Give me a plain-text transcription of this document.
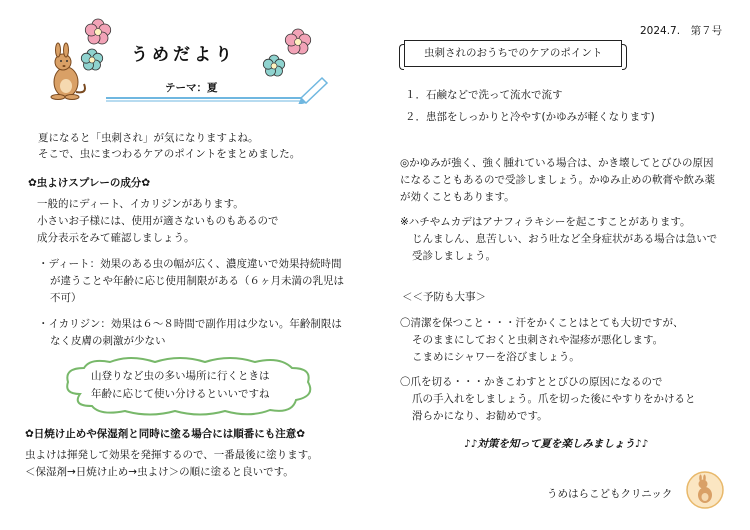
うめだより
テーマ：夏
2024.7.　第７号
夏になると「虫刺され」が気になりますよね。
そこで、虫にまつわるケアのポイントをまとめました。
✿虫よけスプレーの成分✿
一般的にディート、イカリジンがあります。
小さいお子様には、使用が適さないものもあるので
成分表示をみて確認しましょう。
・ディート：効果のある虫の幅が広く、濃度違いで効果持続時間
が違うことや年齢に応じ使用制限がある（６ヶ月未満の乳児は
不可）
・イカリジン：効果は６～８時間で副作用は少ない。年齢制限は
なく皮膚の刺激が少ない
山登りなど虫の多い場所に行くときは
年齢に応じて使い分けるといいですね
✿日焼け止めや保湿剤と同時に塗る場合には順番にも注意✿
虫よけは揮発して効果を発揮するので、一番最後に塗ります。
＜保湿剤→日焼け止め→虫よけ＞の順に塗ると良いです。
虫刺されのおうちでのケアのポイント
１．石鹸などで洗って流水で流す
２．患部をしっかりと冷やす(かゆみが軽くなります)
◎かゆみが強く、強く腫れている場合は、かき壊してとびひの原因
になることもあるので受診しましょう。かゆみ止めの軟膏や飲み薬
が効くこともあります。
※ハチやムカデはアナフィラキシーを起こすことがあります。
じんましん、息苦しい、おう吐など全身症状がある場合は急いで
受診しましょう。
＜＜予防も大事＞
〇清潔を保つこと・・・汗をかくことはとても大切ですが、
そのままにしておくと虫刺されや湿疹が悪化します。
こまめにシャワーを浴びましょう。
〇爪を切る・・・かきこわすととびひの原因になるので
爪の手入れをしましょう。爪を切った後にやすりをかけると
滑らかになり、お勧めです。
♪♪対策を知って夏を楽しみましょう♪♪
うめはらこどもクリニック
